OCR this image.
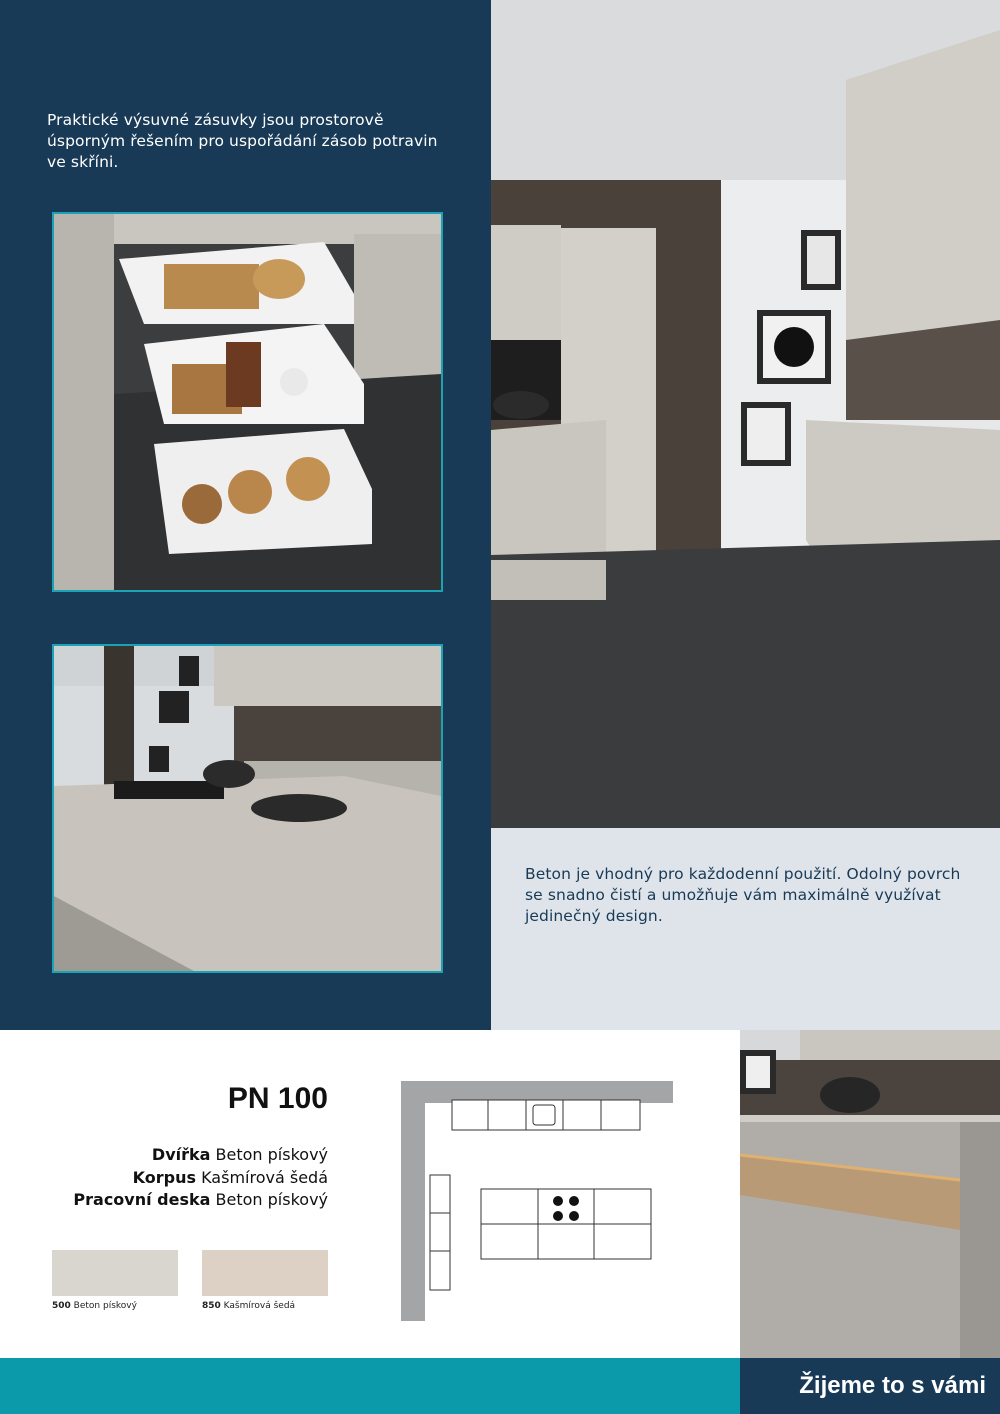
Praktické výsuvné zásuvky jsou prostorově úsporným řešením pro uspořádání zásob potravin ve skříni.
Beton je vhodný pro každodenní použití. Odolný povrch se snadno čistí a umožňuje vám maximálně využívat jedinečný design.
PN 100
Dvířka Beton pískový
Korpus Kašmírová šedá
Pracovní deska Beton pískový
500 Beton pískový	850 Kašmírová šedá
Žijeme to s vámi
